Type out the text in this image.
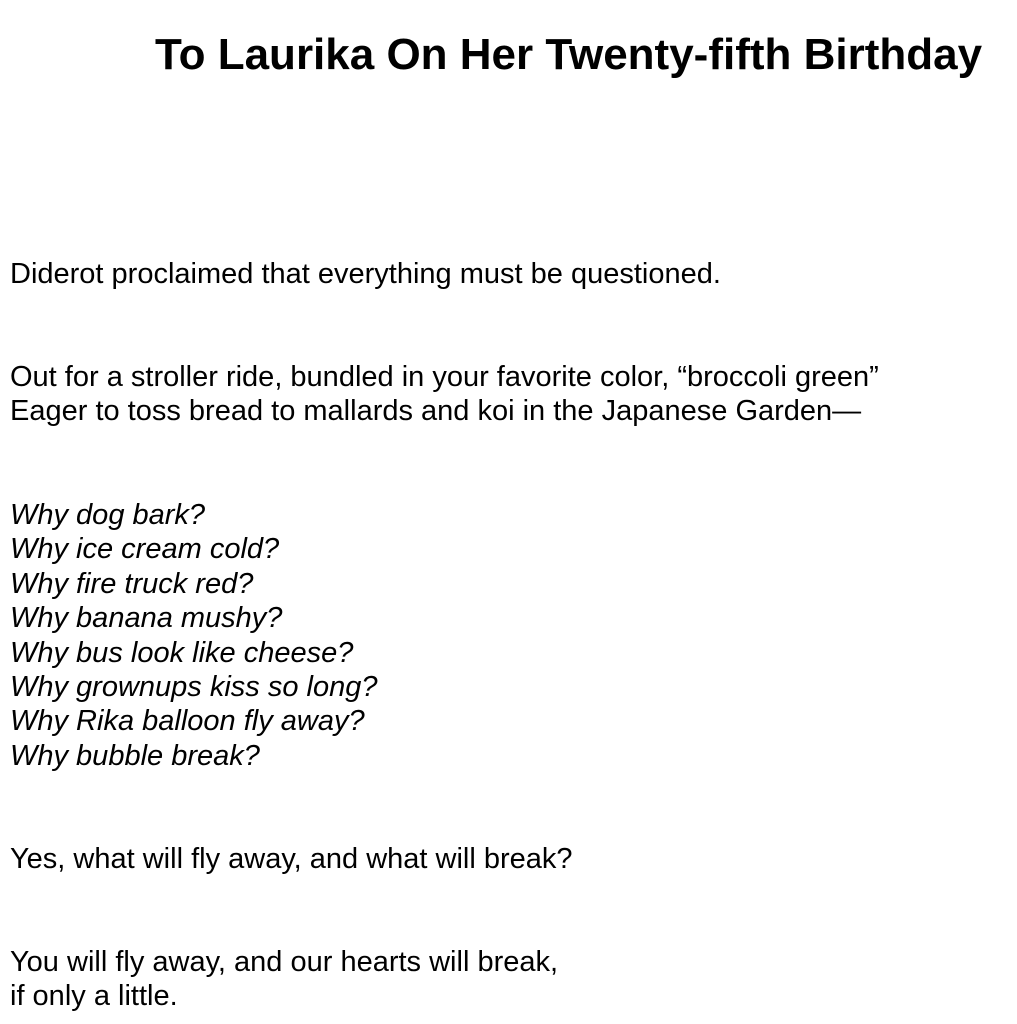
To Laurika On Her Twenty-fifth Birthday

Diderot proclaimed that everything must be questioned.

Out for a stroller ride, bundled in your favorite color, “broccoli green”

Eager to toss bread to mallards and koi in the Japanese Garden—

Why dog bark?

Why ice cream cold?

Why fire truck red?

Why banana mushy?

Why bus look like cheese?

Why grownups kiss so long?

Why Rika balloon fly away?

Why bubble break?

Yes, what will fly away, and what will break?

You will fly away, and our hearts will break,

if only a little.
